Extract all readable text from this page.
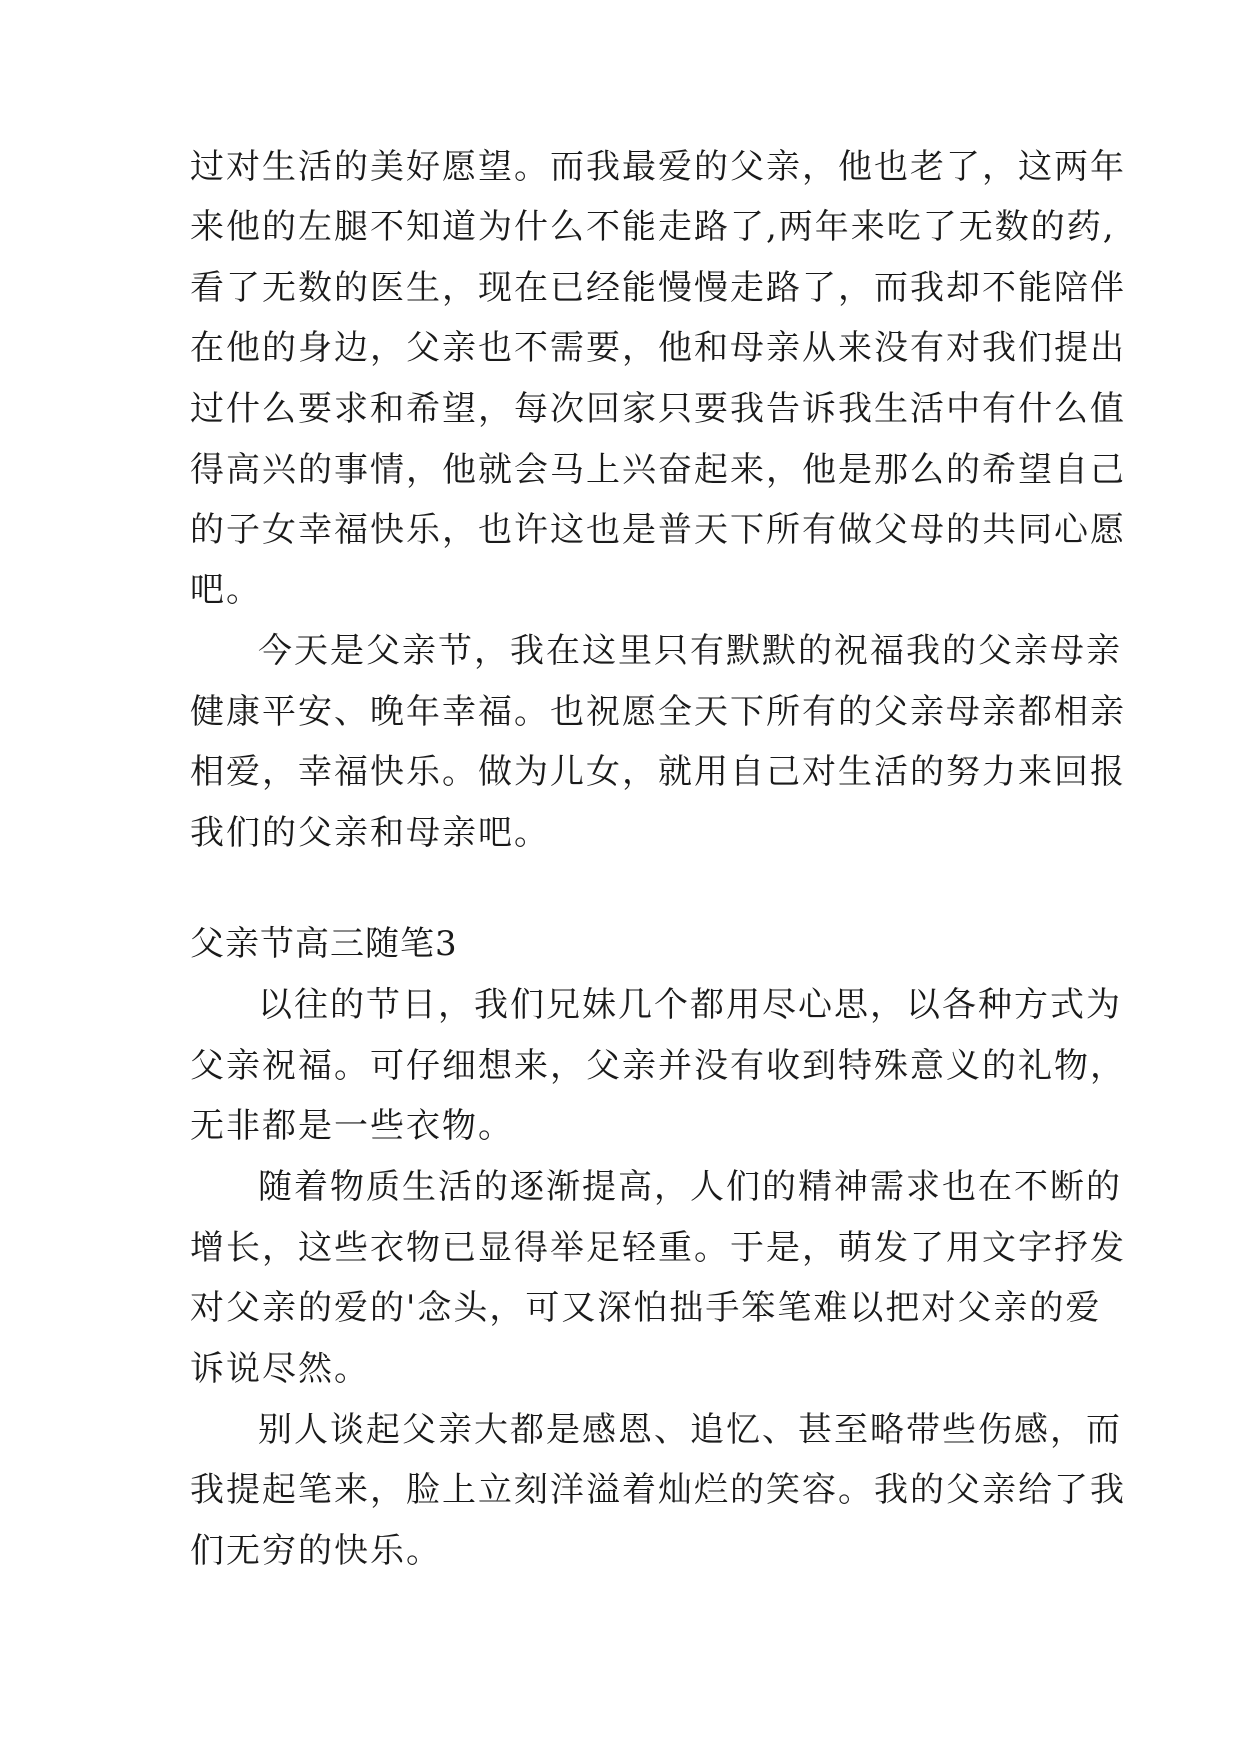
过对生活的美好愿望。而我最爱的父亲，他也老了，这两年
来他的左腿不知道为什么不能走路了,两年来吃了无数的药,
看了无数的医生，现在已经能慢慢走路了，而我却不能陪伴
在他的身边，父亲也不需要，他和母亲从来没有对我们提出
过什么要求和希望，每次回家只要我告诉我生活中有什么值
得高兴的事情，他就会马上兴奋起来，他是那么的希望自己
的子女幸福快乐，也许这也是普天下所有做父母的共同心愿
吧。
今天是父亲节，我在这里只有默默的祝福我的父亲母亲
健康平安、晚年幸福。也祝愿全天下所有的父亲母亲都相亲
相爱，幸福快乐。做为儿女，就用自己对生活的努力来回报
我们的父亲和母亲吧。
父亲节高三随笔3
以往的节日，我们兄妹几个都用尽心思，以各种方式为
父亲祝福。可仔细想来，父亲并没有收到特殊意义的礼物，
无非都是一些衣物。
随着物质生活的逐渐提高，人们的精神需求也在不断的
增长，这些衣物已显得举足轻重。于是，萌发了用文字抒发
对父亲的爱的'念头，可又深怕拙手笨笔难以把对父亲的爱
诉说尽然。
别人谈起父亲大都是感恩、追忆、甚至略带些伤感，而
我提起笔来，脸上立刻洋溢着灿烂的笑容。我的父亲给了我
们无穷的快乐。
